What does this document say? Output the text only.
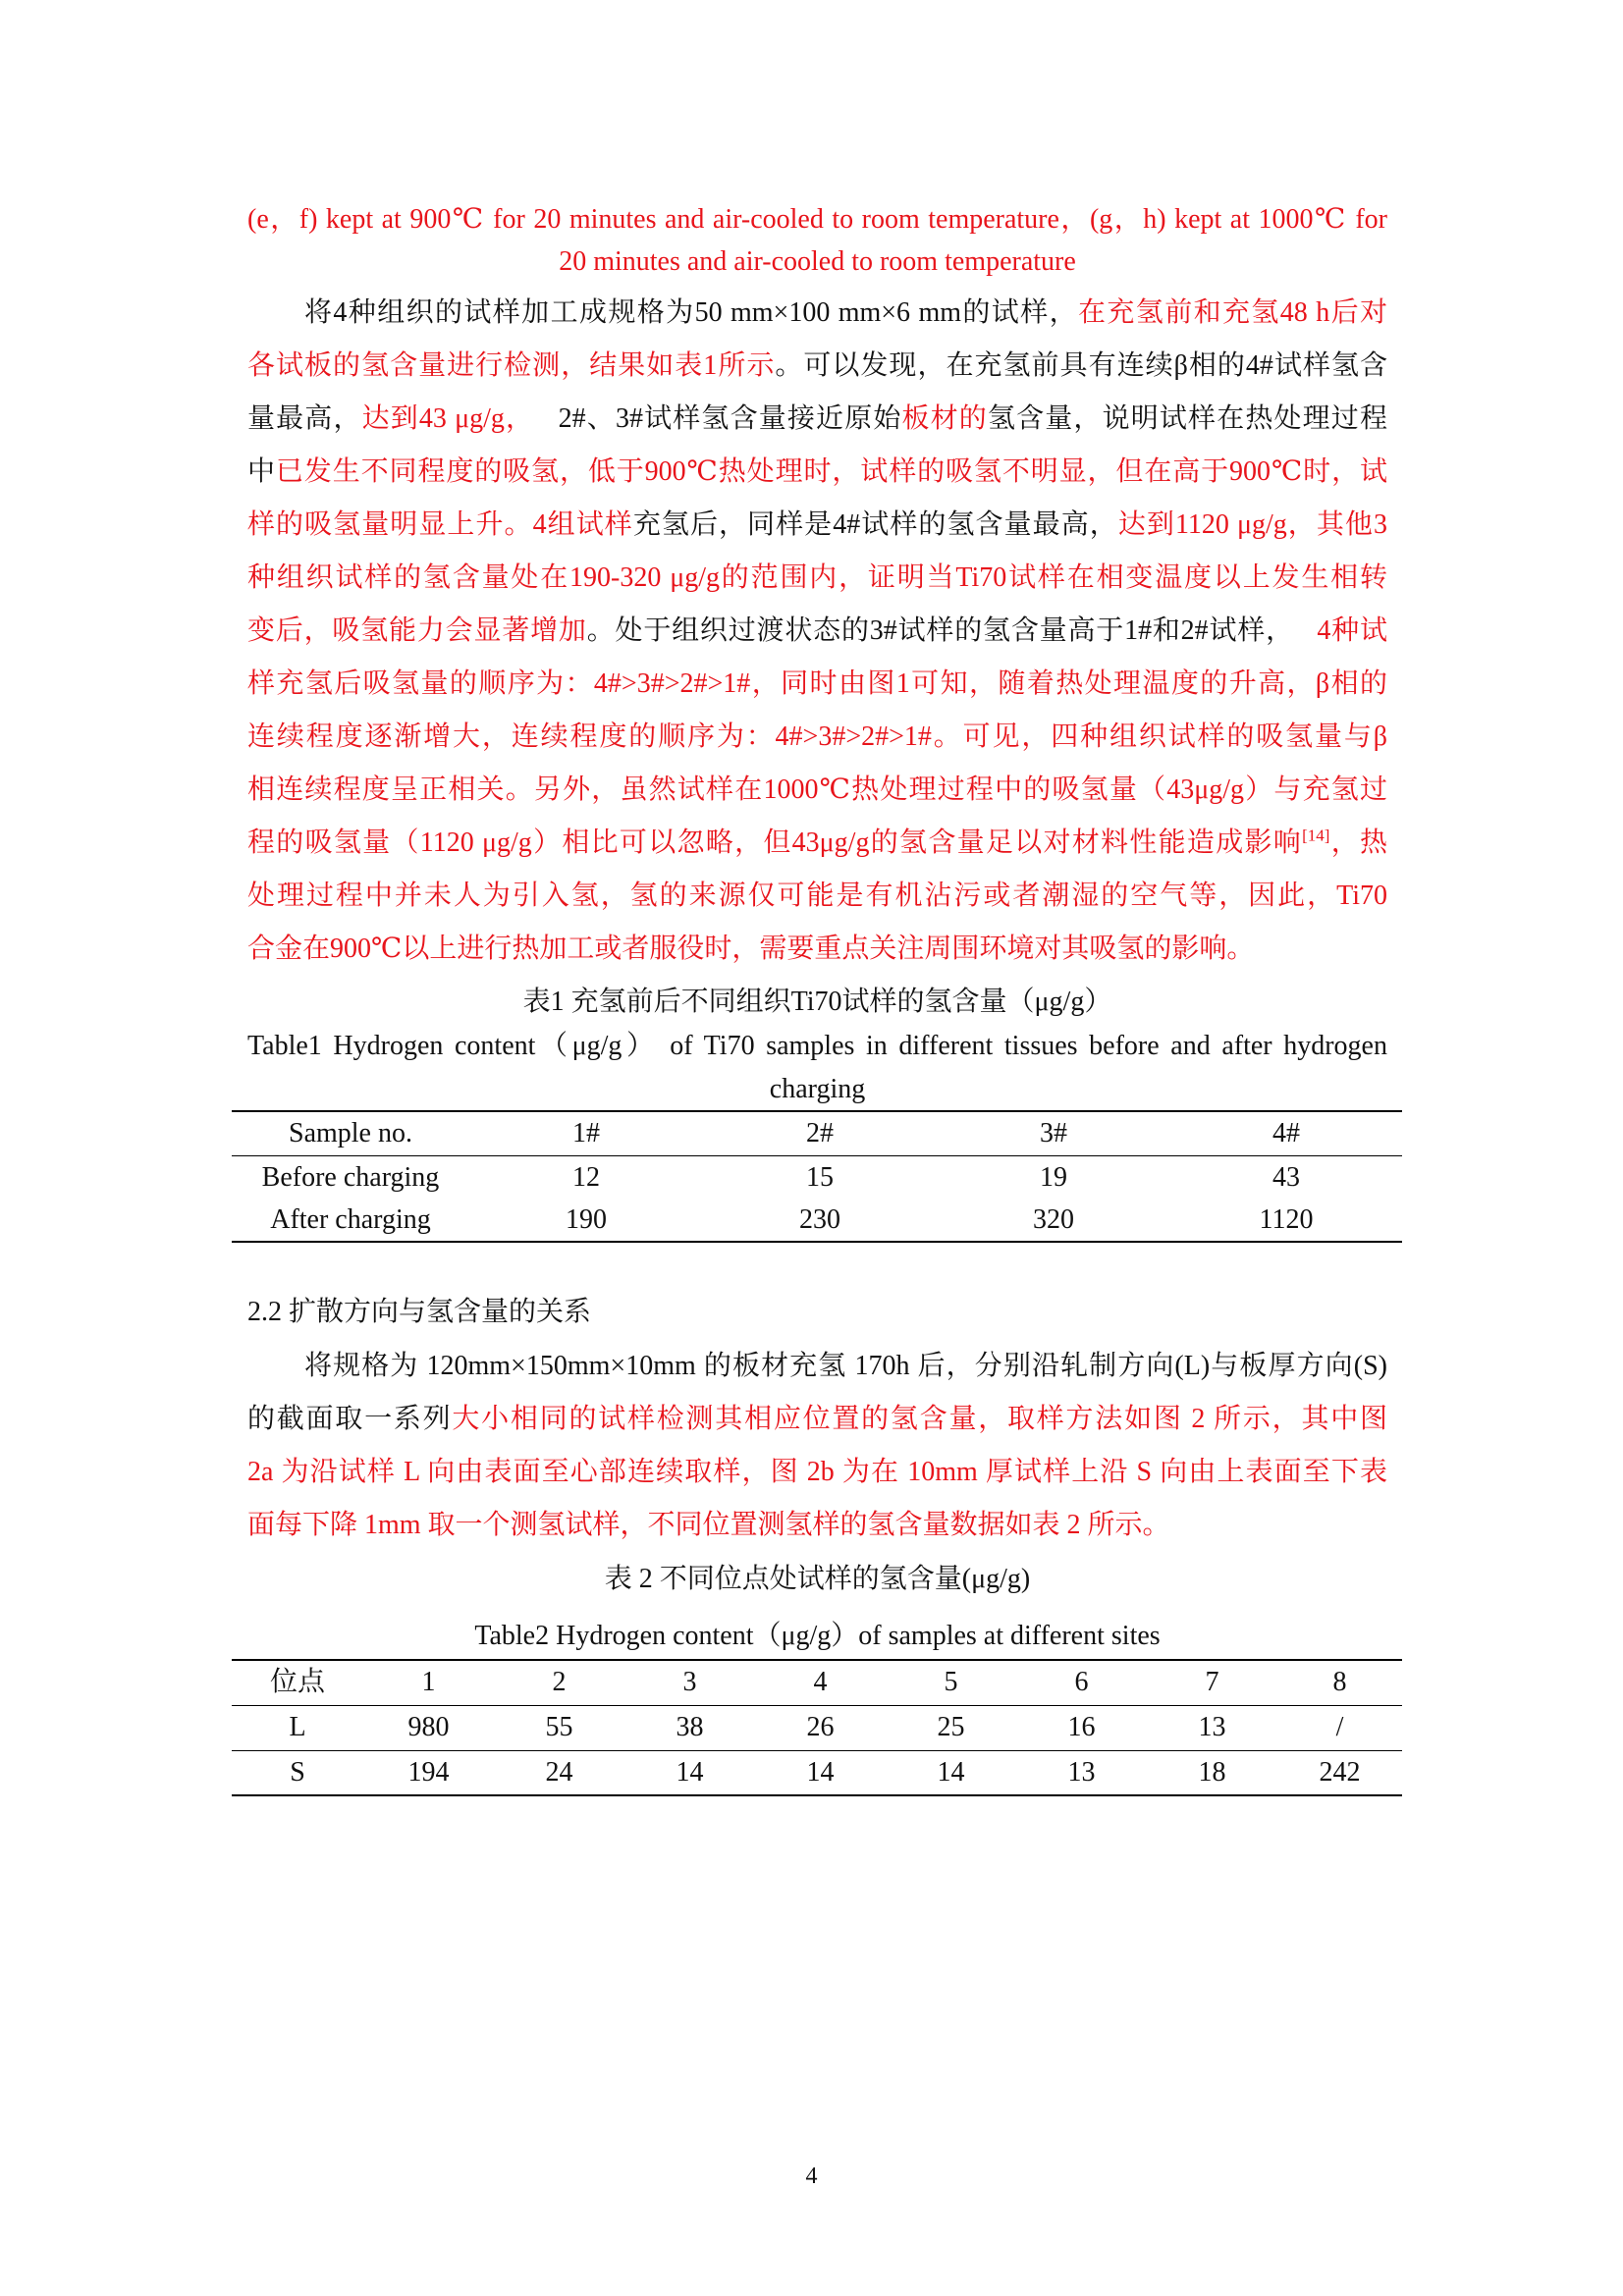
(e，f) kept at 900℃ for 20 minutes and air-cooled to room temperature，(g，h) kept at 1000℃ for
20 minutes and air-cooled to room temperature
将4种组织的试样加工成规格为50 mm×100 mm×6 mm的试样，在充氢前和充氢48 h后对
各试板的氢含量进行检测，结果如表1所示。可以发现，在充氢前具有连续β相的4#试样氢含
量最高，达到43 μg/g， 2#、3#试样氢含量接近原始板材的氢含量，说明试样在热处理过程
中已发生不同程度的吸氢，低于900℃热处理时，试样的吸氢不明显，但在高于900℃时，试
样的吸氢量明显上升。4组试样充氢后，同样是4#试样的氢含量最高，达到1120 μg/g，其他3
种组织试样的氢含量处在190-320 μg/g的范围内，证明当Ti70试样在相变温度以上发生相转
变后，吸氢能力会显著增加。处于组织过渡状态的3#试样的氢含量高于1#和2#试样， 4种试
样充氢后吸氢量的顺序为：4#>3#>2#>1#，同时由图1可知，随着热处理温度的升高，β相的
连续程度逐渐增大，连续程度的顺序为：4#>3#>2#>1#。可见，四种组织试样的吸氢量与β
相连续程度呈正相关。另外，虽然试样在1000℃热处理过程中的吸氢量（43μg/g）与充氢过
程的吸氢量（1120 μg/g）相比可以忽略，但43μg/g的氢含量足以对材料性能造成影响[14]，热
处理过程中并未人为引入氢，氢的来源仅可能是有机沾污或者潮湿的空气等，因此，Ti70
合金在900℃以上进行热加工或者服役时，需要重点关注周围环境对其吸氢的影响。
表1 充氢前后不同组织Ti70试样的氢含量（μg/g）
Table1 Hydrogen content（μg/g） of Ti70 samples in different tissues before and after hydrogen
charging
Sample no.	1#	2#	3#	4#
Before charging	12	15	19	43
After charging	190	230	320	1120
2.2 扩散方向与氢含量的关系
将规格为 120mm×150mm×10mm 的板材充氢 170h 后，分别沿轧制方向(L)与板厚方向(S)
的截面取一系列大小相同的试样检测其相应位置的氢含量，取样方法如图 2 所示，其中图
2a 为沿试样 L 向由表面至心部连续取样，图 2b 为在 10mm 厚试样上沿 S 向由上表面至下表
面每下降 1mm 取一个测氢试样，不同位置测氢样的氢含量数据如表 2 所示。
表 2 不同位点处试样的氢含量(μg/g)
Table2 Hydrogen content（μg/g）of samples at different sites
位点	1	2	3	4	5	6	7	8
L	980	55	38	26	25	16	13	/
S	194	24	14	14	14	13	18	242
4
